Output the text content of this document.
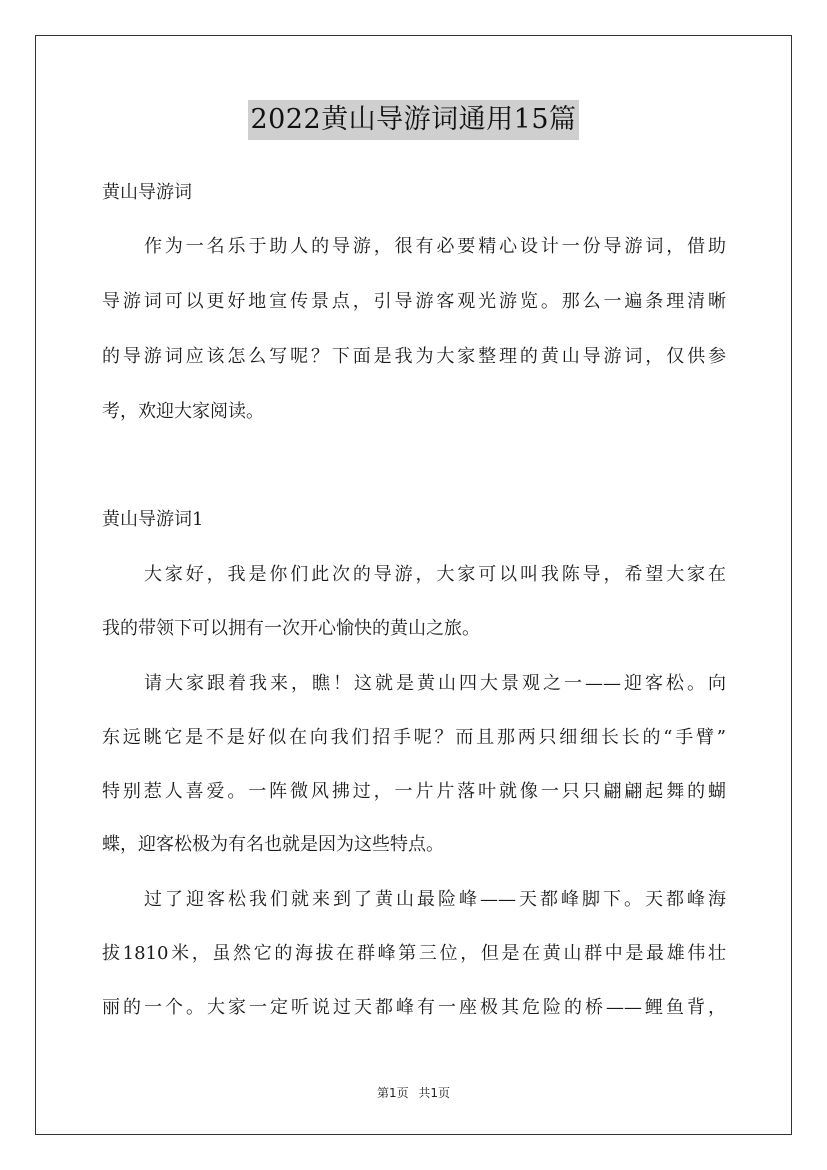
2022黄山导游词通用15篇
黄山导游词
作为一名乐于助人的导游，很有必要精心设计一份导游词，借助
导游词可以更好地宣传景点，引导游客观光游览。那么一遍条理清晰
的导游词应该怎么写呢？下面是我为大家整理的黄山导游词，仅供参
考，欢迎大家阅读。
黄山导游词1
大家好，我是你们此次的导游，大家可以叫我陈导，希望大家在
我的带领下可以拥有一次开心愉快的黄山之旅。
请大家跟着我来，瞧！这就是黄山四大景观之一——迎客松。向
东远眺它是不是好似在向我们招手呢？而且那两只细细长长的“手臂”
特别惹人喜爱。一阵微风拂过，一片片落叶就像一只只翩翩起舞的蝴
蝶，迎客松极为有名也就是因为这些特点。
过了迎客松我们就来到了黄山最险峰——天都峰脚下。天都峰海
拔1810米，虽然它的海拔在群峰第三位，但是在黄山群中是最雄伟壮
丽的一个。大家一定听说过天都峰有一座极其危险的桥——鲤鱼背，
第1页 共1页
